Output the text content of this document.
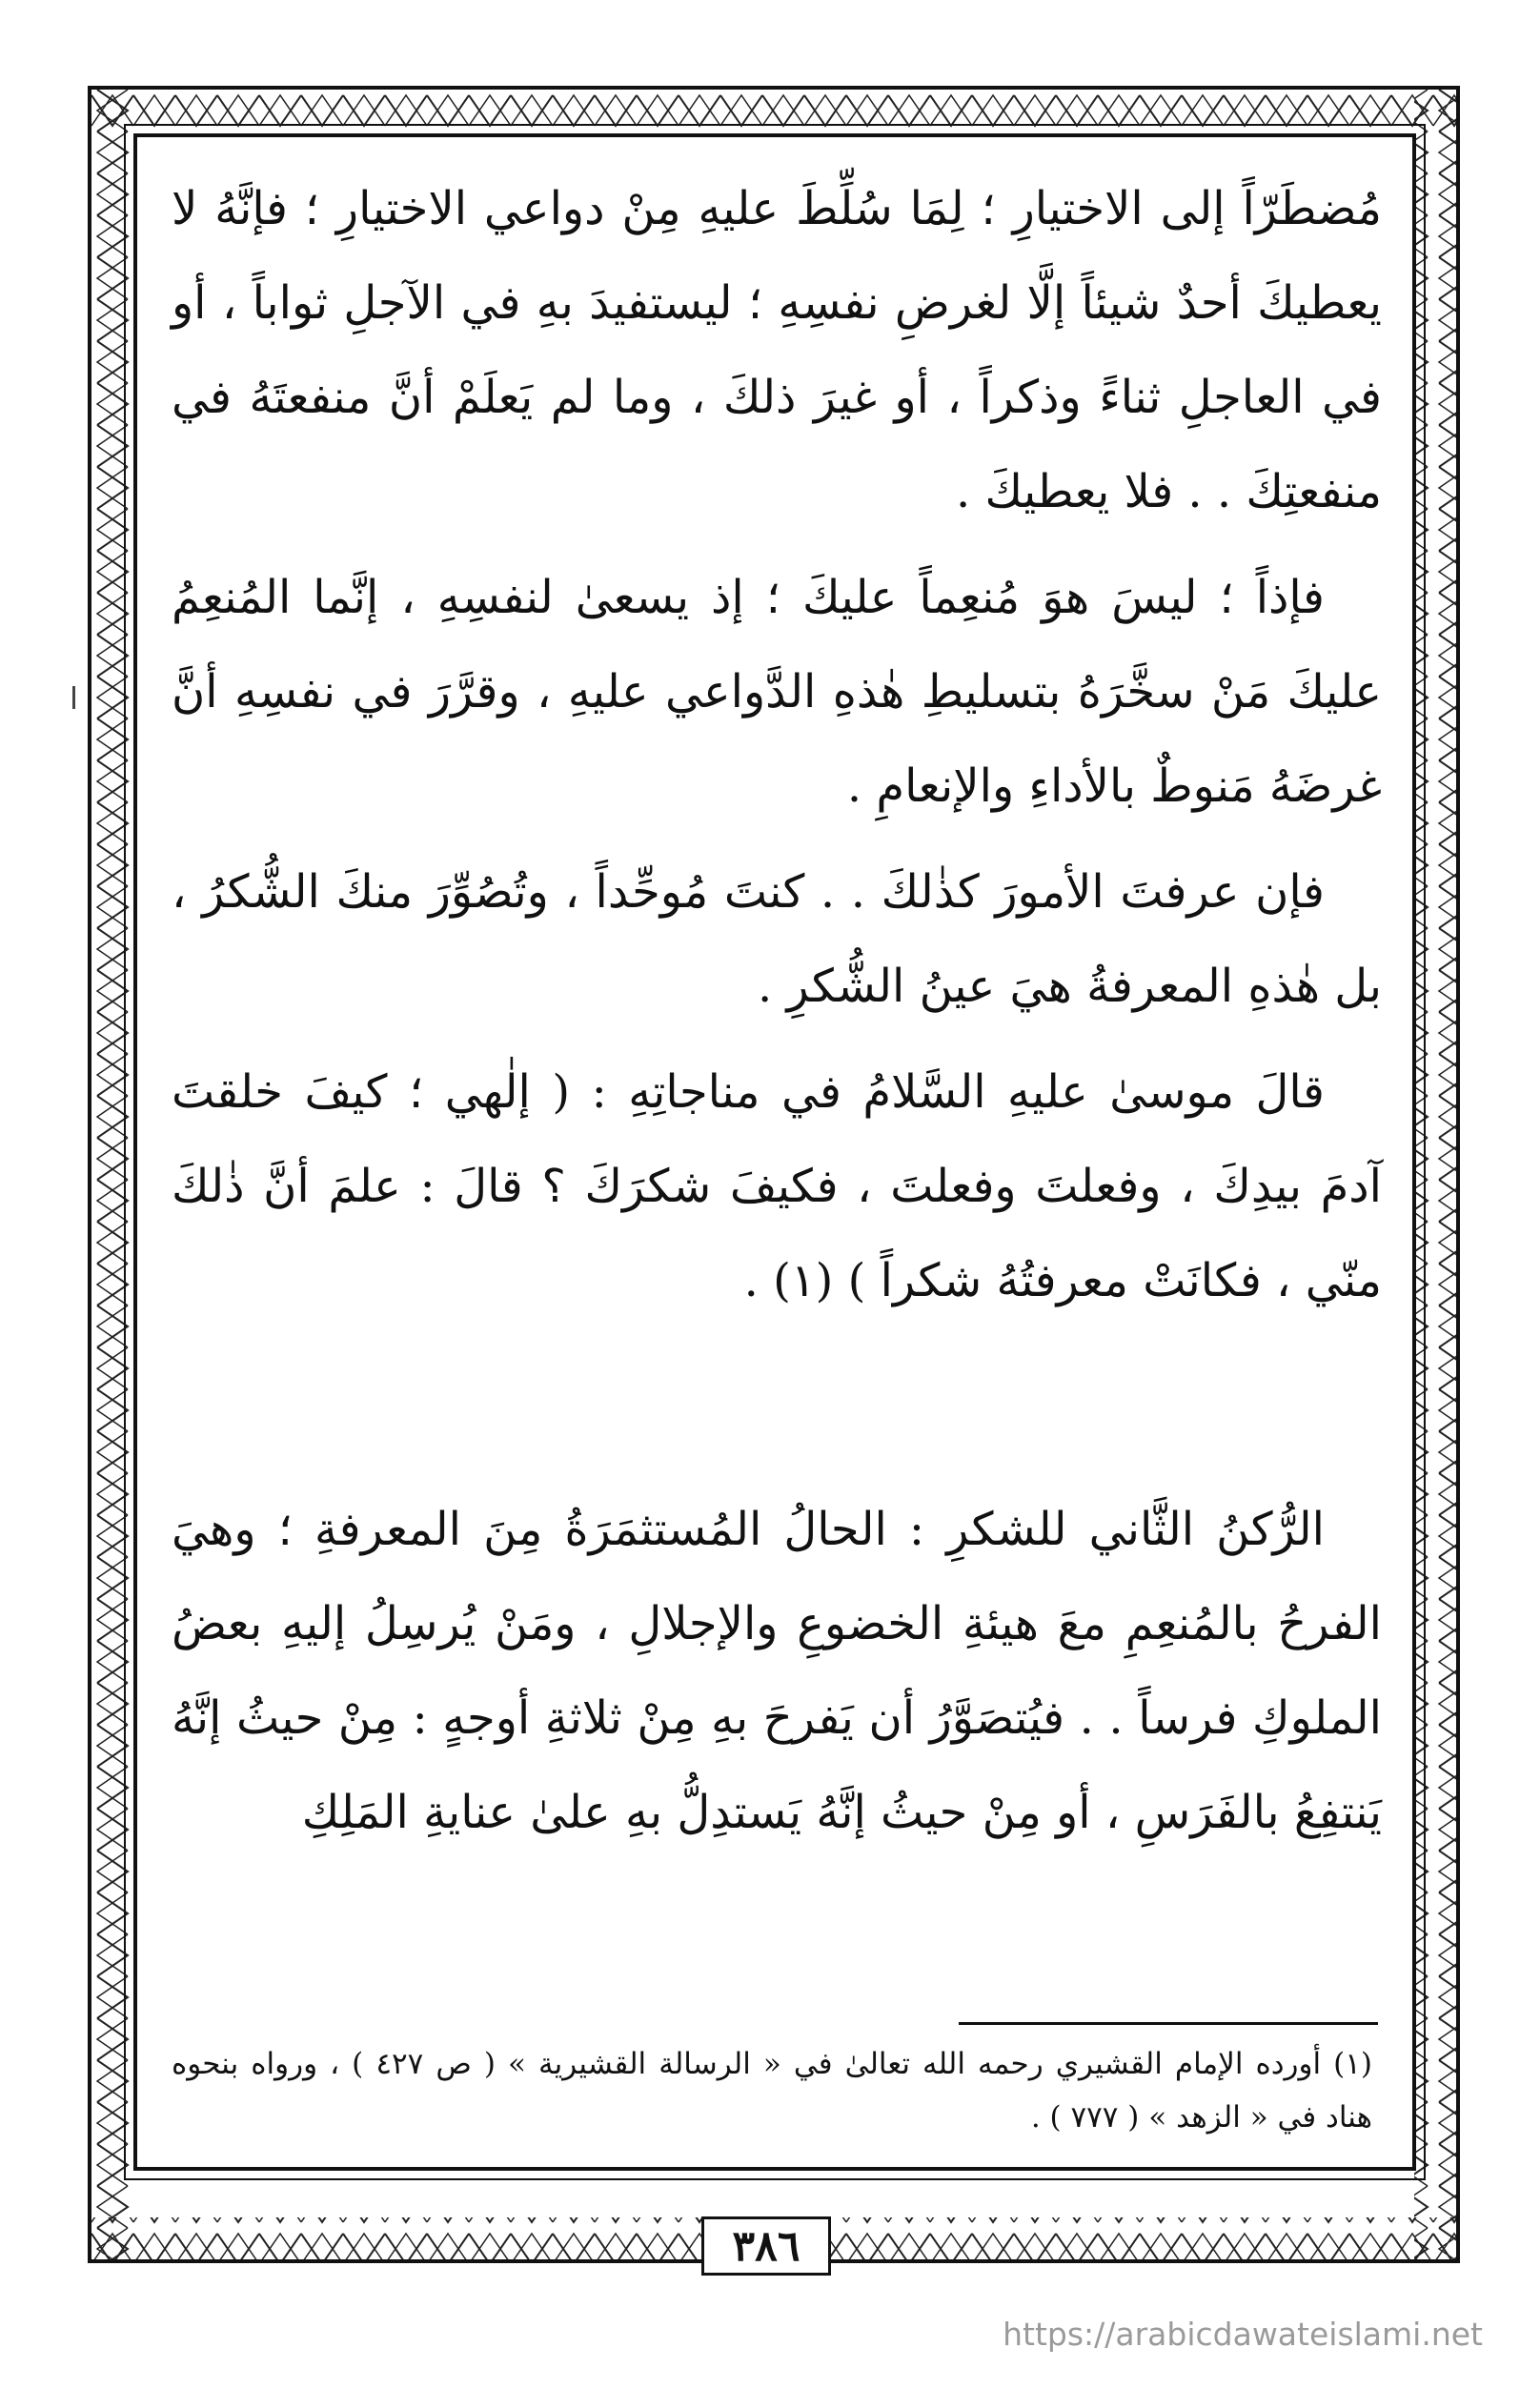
مُضطَرّاً إلى الاختيارِ ؛ لِمَا سُلِّطَ عليهِ مِنْ دواعي الاختيارِ ؛ فإنَّهُ لا يعطيكَ أحدٌ شيئاً إلَّا لغرضِ نفسِهِ ؛ ليستفيدَ بهِ في الآجلِ ثواباً ، أو في العاجلِ ثناءً وذكراً ، أو غيرَ ذلكَ ، وما لم يَعلَمْ أنَّ منفعتَهُ في منفعتِكَ . . فلا يعطيكَ .

فإذاً ؛ ليسَ هوَ مُنعِماً عليكَ ؛ إذ يسعىٰ لنفسِهِ ، إنَّما المُنعِمُ عليكَ مَنْ سخَّرَهُ بتسليطِ هٰذهِ الدَّواعي عليهِ ، وقرَّرَ في نفسِهِ أنَّ غرضَهُ مَنوطٌ بالأداءِ والإنعامِ .

فإن عرفتَ الأمورَ كذٰلكَ . . كنتَ مُوحِّداً ، وتُصُوِّرَ منكَ الشُّكرُ ، بل هٰذهِ المعرفةُ هيَ عينُ الشُّكرِ .

قالَ موسىٰ عليهِ السَّلامُ في مناجاتِهِ : ( إلٰهي ؛ كيفَ خلقتَ آدمَ بيدِكَ ، وفعلتَ وفعلتَ ، فكيفَ شكرَكَ ؟ قالَ : علمَ أنَّ ذٰلكَ منّي ، فكانَتْ معرفتُهُ شكراً ) (١) .

الرُّكنُ الثَّاني للشكرِ : الحالُ المُستثمَرَةُ مِنَ المعرفةِ ؛ وهيَ الفرحُ بالمُنعِمِ معَ هيئةِ الخضوعِ والإجلالِ ، ومَنْ يُرسِلُ إليهِ بعضُ الملوكِ فرساً . . فيُتصَوَّرُ أن يَفرحَ بهِ مِنْ ثلاثةِ أوجهٍ : مِنْ حيثُ إنَّهُ يَنتفِعُ بالفَرَسِ ، أو مِنْ حيثُ إنَّهُ يَستدِلُّ بهِ علىٰ عنايةِ المَلِكِ

(١) أورده الإمام القشيري رحمه الله تعالىٰ في « الرسالة القشيرية » ( ص ٤٢٧ ) ، ورواه بنحوه هناد في « الزهد » ( ٧٧٧ ) .
٣٨٦
https://arabicdawateislami.net
